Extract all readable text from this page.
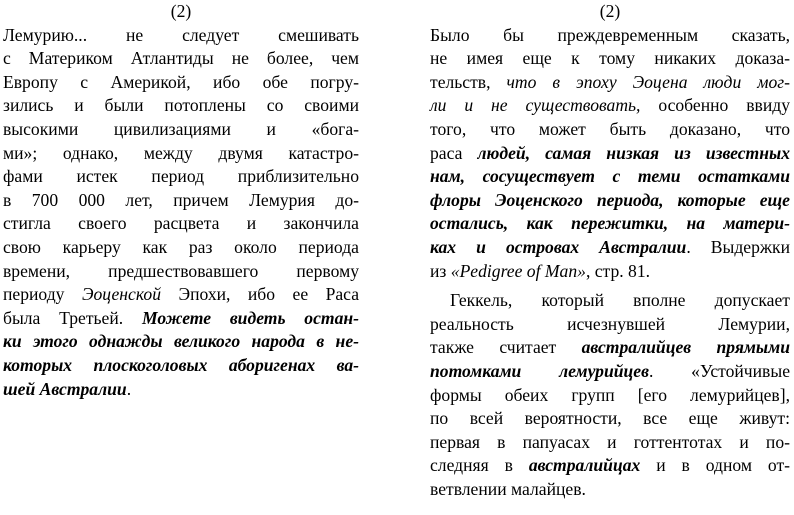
(2)
Лемурию... не следует смешивать
с Материком Атлантиды не более, чем
Европу с Америкой, ибо обе погру-
зились и были потоплены со своими
высокими цивилизациями и «бога-
ми»; однако, между двумя катастро-
фами истек период приблизительно
в 700 000 лет, причем Лемурия до-
стигла своего расцвета и закончила
свою карьеру как раз около периода
времени, предшествовавшего первому
периоду Эоценской Эпохи, ибо ее Раса
была Третьей. Можете видеть остан-
ки этого однажды великого народа в не-
которых плоскоголовых аборигенах ва-
шей Австралии.
(2)
Было бы преждевременным сказать,
не имея еще к тому никаких доказа-
тельств, что в эпоху Эоцена люди мог-
ли и не существовать, особенно ввиду
того, что может быть доказано, что
раса людей, самая низкая из известных
нам, сосуществует с теми остатками
флоры Эоценского периода, которые еще
остались, как пережитки, на матери-
ках и островах Австралии. Выдержки
из «Pedigree of Man», стр. 81.
Геккель, который вполне допускает
реальность исчезнувшей Лемурии,
также считает австралийцев прямыми
потомками лемурийцев. «Устойчивые
формы обеих групп [его лемурийцев],
по всей вероятности, все еще живут:
первая в папуасах и готтентотах и по-
следняя в австралийцах и в одном от-
ветвлении малайцев.
